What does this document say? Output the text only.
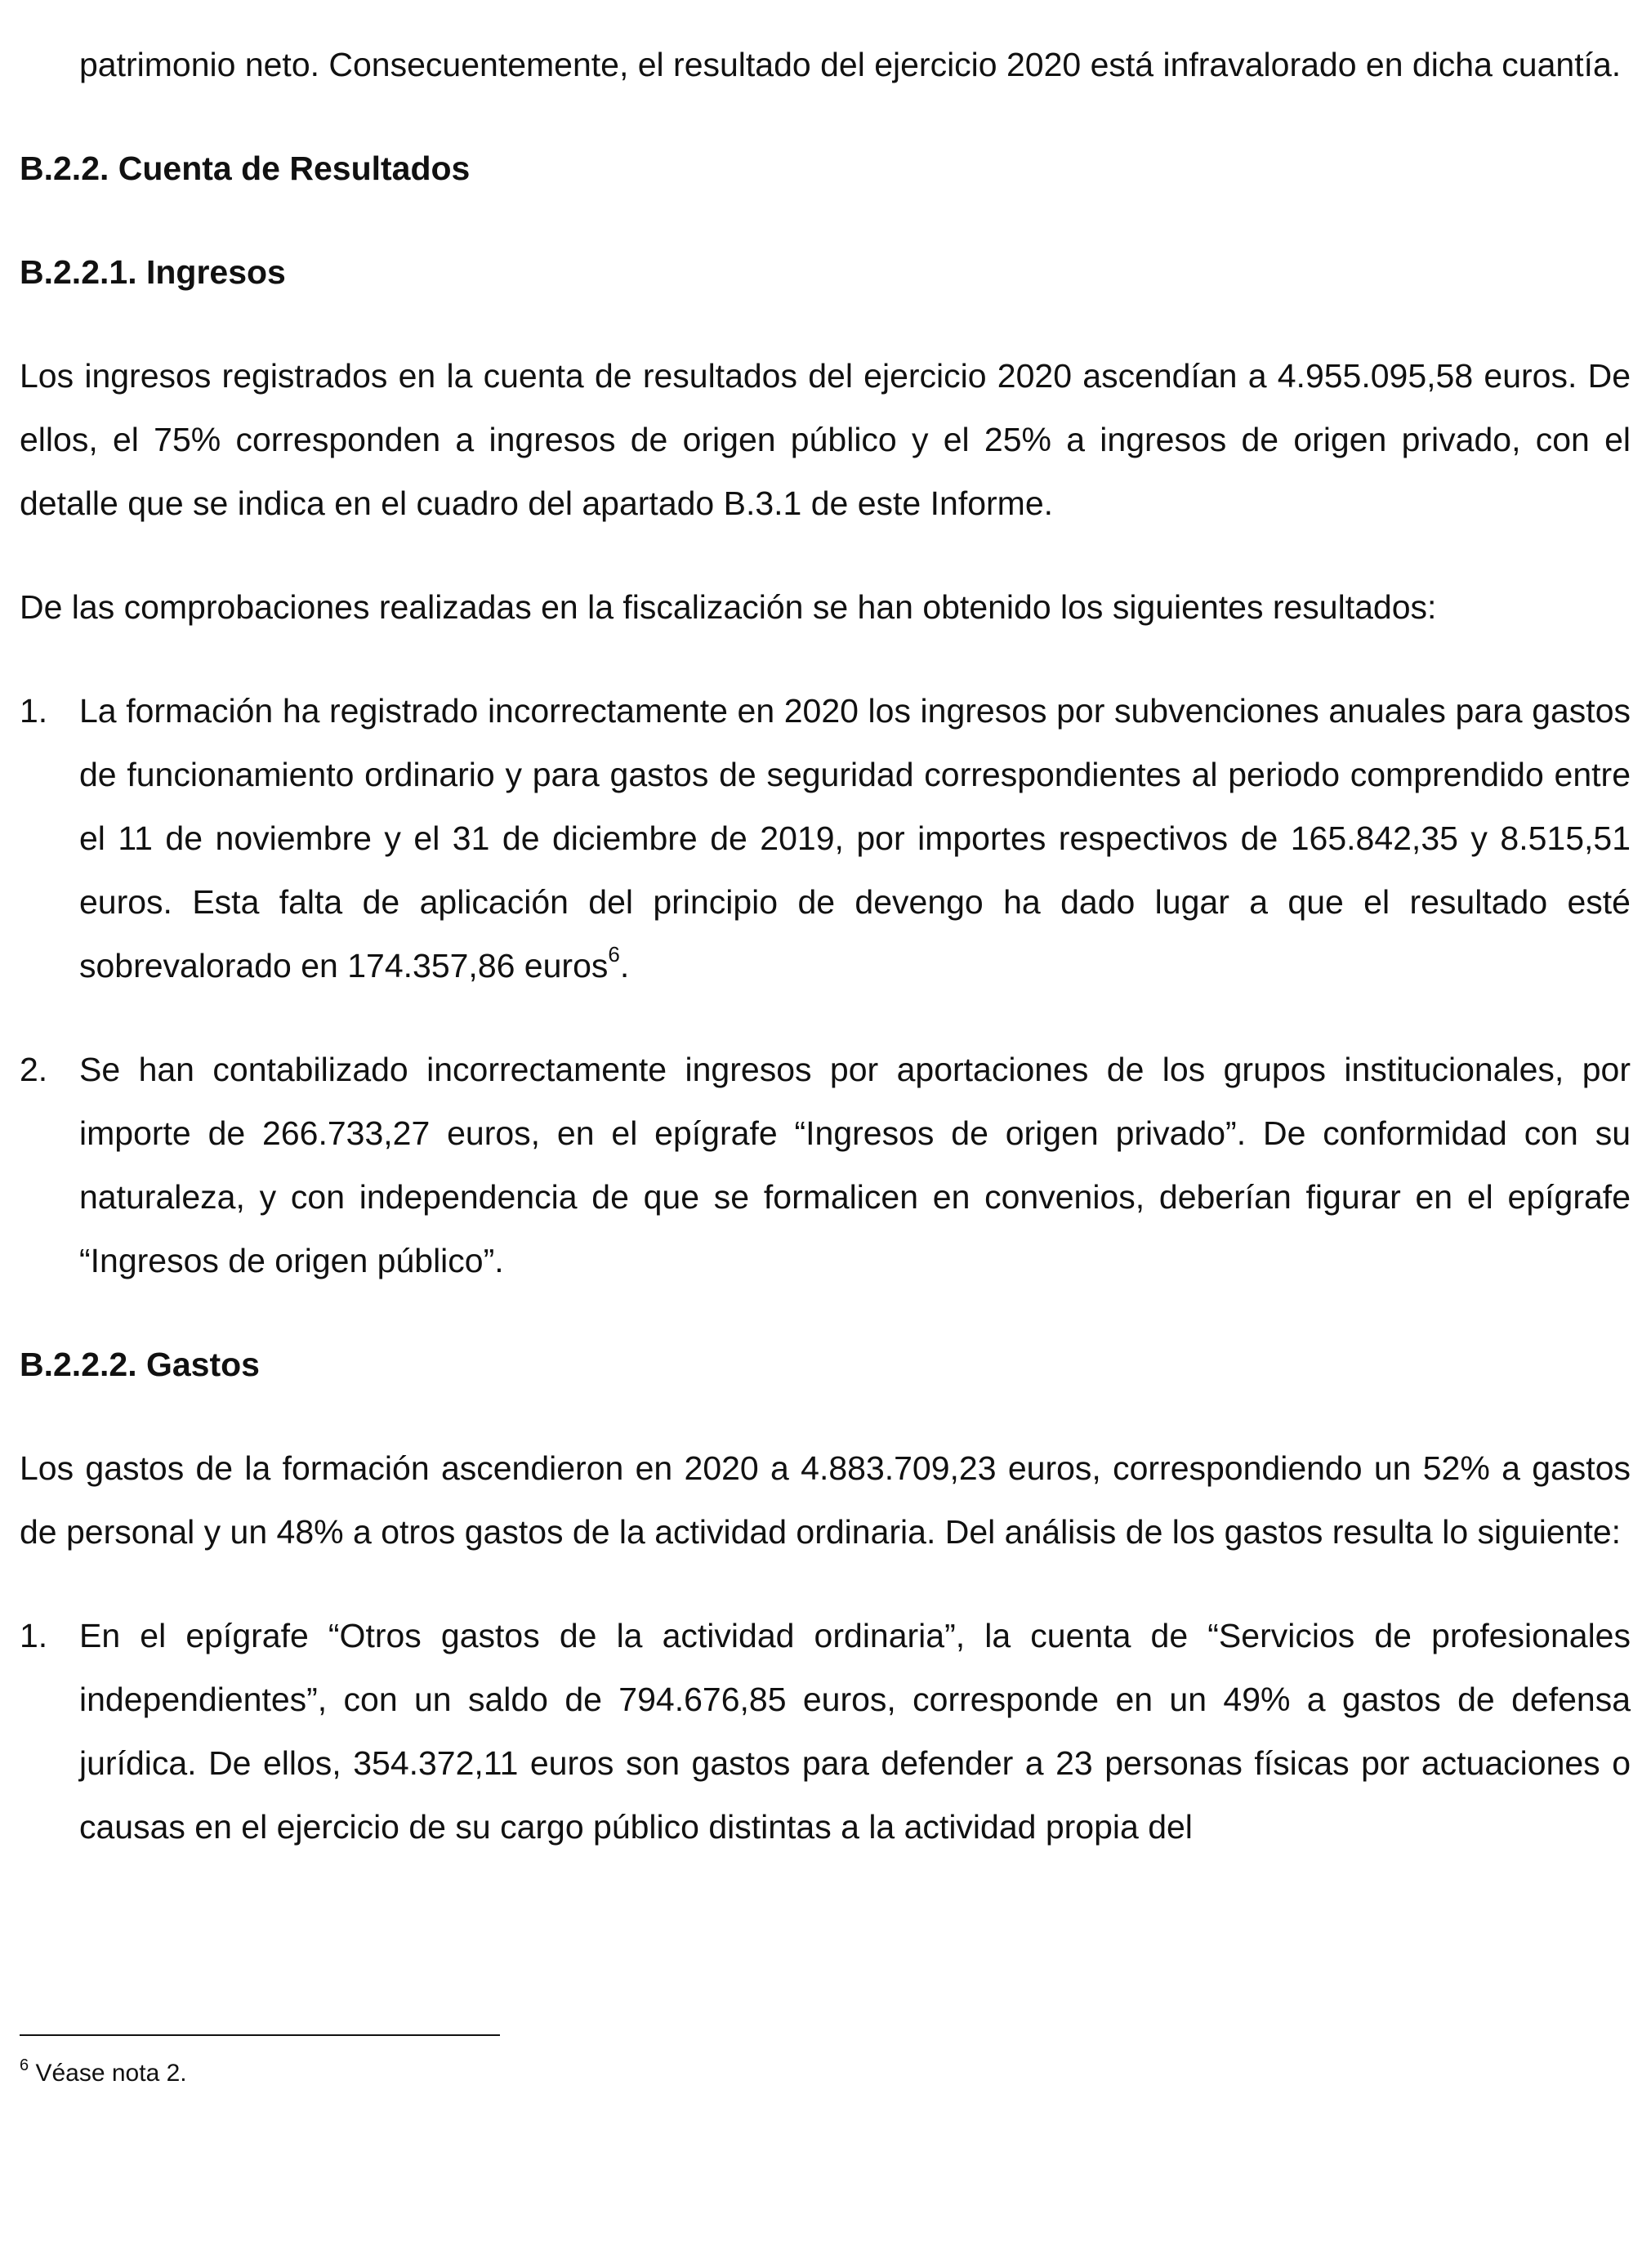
patrimonio neto. Consecuentemente, el resultado del ejercicio 2020 está infravalorado en dicha cuantía.

B.2.2. Cuenta de Resultados
B.2.2.1. Ingresos

Los ingresos registrados en la cuenta de resultados del ejercicio 2020 ascendían a 4.955.095,58 euros. De ellos, el 75% corresponden a ingresos de origen público y el 25% a ingresos de origen privado, con el detalle que se indica en el cuadro del apartado B.3.1 de este Informe.

De las comprobaciones realizadas en la fiscalización se han obtenido los siguientes resultados:

1. La formación ha registrado incorrectamente en 2020 los ingresos por subvenciones anuales para gastos de funcionamiento ordinario y para gastos de seguridad correspondientes al periodo comprendido entre el 11 de noviembre y el 31 de diciembre de 2019, por importes respectivos de 165.842,35 y 8.515,51 euros. Esta falta de aplicación del principio de devengo ha dado lugar a que el resultado esté sobrevalorado en 174.357,86 euros$^6$.
2. Se han contabilizado incorrectamente ingresos por aportaciones de los grupos institucionales, por importe de 266.733,27 euros, en el epígrafe “Ingresos de origen privado”. De conformidad con su naturaleza, y con independencia de que se formalicen en convenios, deberían figurar en el epígrafe “Ingresos de origen público”.
B.2.2.2. Gastos

Los gastos de la formación ascendieron en 2020 a 4.883.709,23 euros, correspondiendo un 52% a gastos de personal y un 48% a otros gastos de la actividad ordinaria. Del análisis de los gastos resulta lo siguiente:

1. En el epígrafe “Otros gastos de la actividad ordinaria”, la cuenta de “Servicios de profesionales independientes”, con un saldo de 794.676,85 euros, corresponde en un 49% a gastos de defensa jurídica. De ellos, 354.372,11 euros son gastos para defender a 23 personas físicas por actuaciones o causas en el ejercicio de su cargo público distintas a la actividad propia del
$^6$ Véase nota 2.
